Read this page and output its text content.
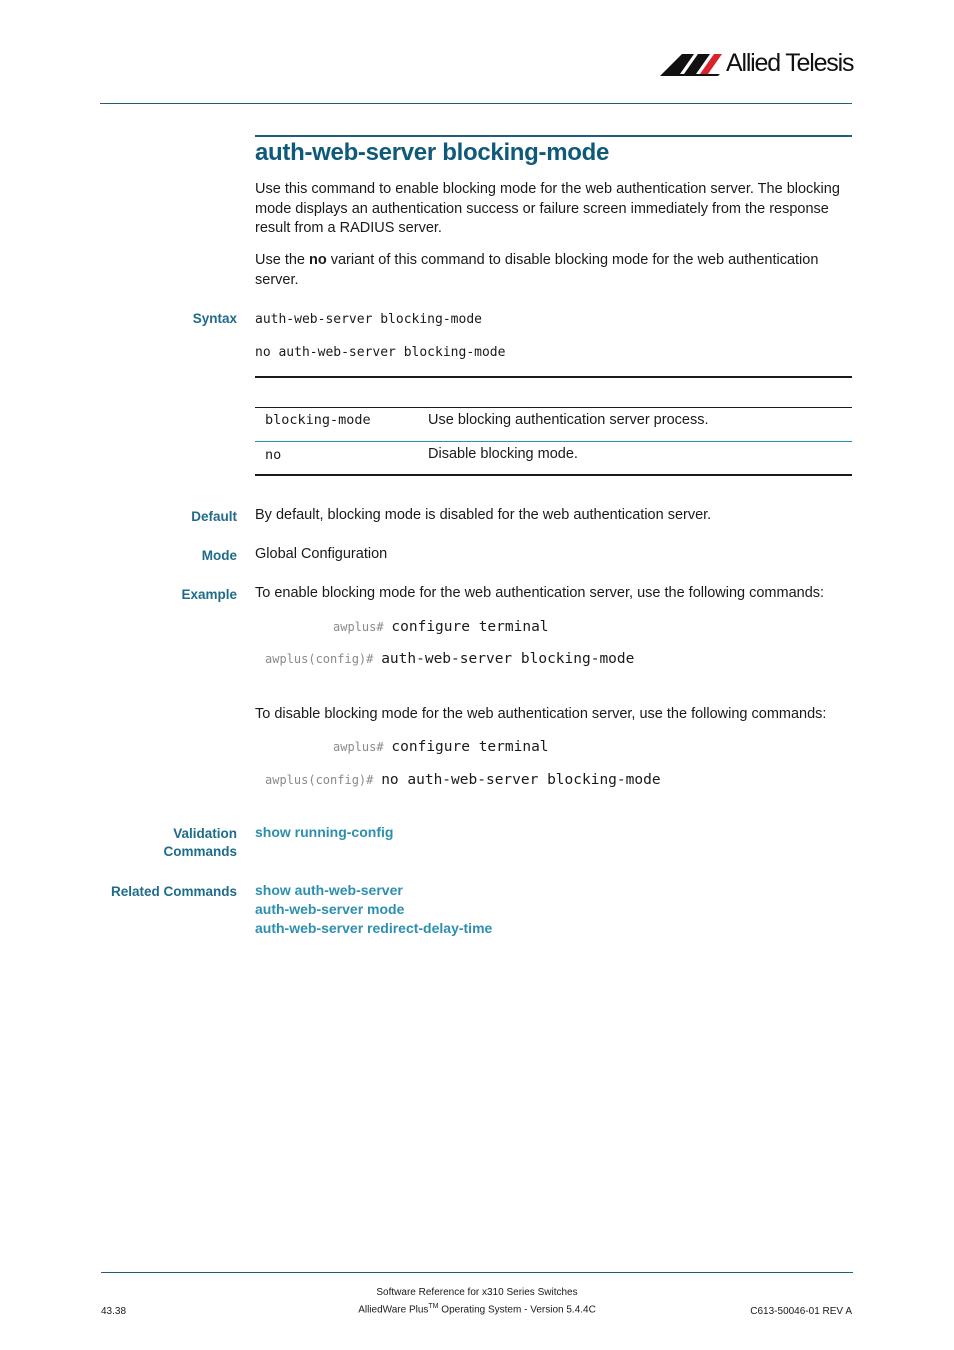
Allied Telesis
auth-web-server blocking-mode
Use this command to enable blocking mode for the web authentication server. The blocking mode displays an authentication success or failure screen immediately from the response result from a RADIUS server.
Use the no variant of this command to disable blocking mode for the web authentication server.
Syntax auth-web-server blocking-mode
no auth-web-server blocking-mode
blocking-mode	Use blocking authentication server process.
no	Disable blocking mode.
Default By default, blocking mode is disabled for the web authentication server.
Mode Global Configuration
Example To enable blocking mode for the web authentication server, use the following commands:
awplus# configure terminal
awplus(config)# auth-web-server blocking-mode
To disable blocking mode for the web authentication server, use the following commands:
awplus# configure terminal
awplus(config)# no auth-web-server blocking-mode
Validation
Commands
show running-config
Related Commands show auth-web-server
auth-web-server mode
auth-web-server redirect-delay-time
Software Reference for x310 Series Switches
AlliedWare Plus™ Operating System - Version 5.4.4C
43.38	C613-50046-01 REV A
